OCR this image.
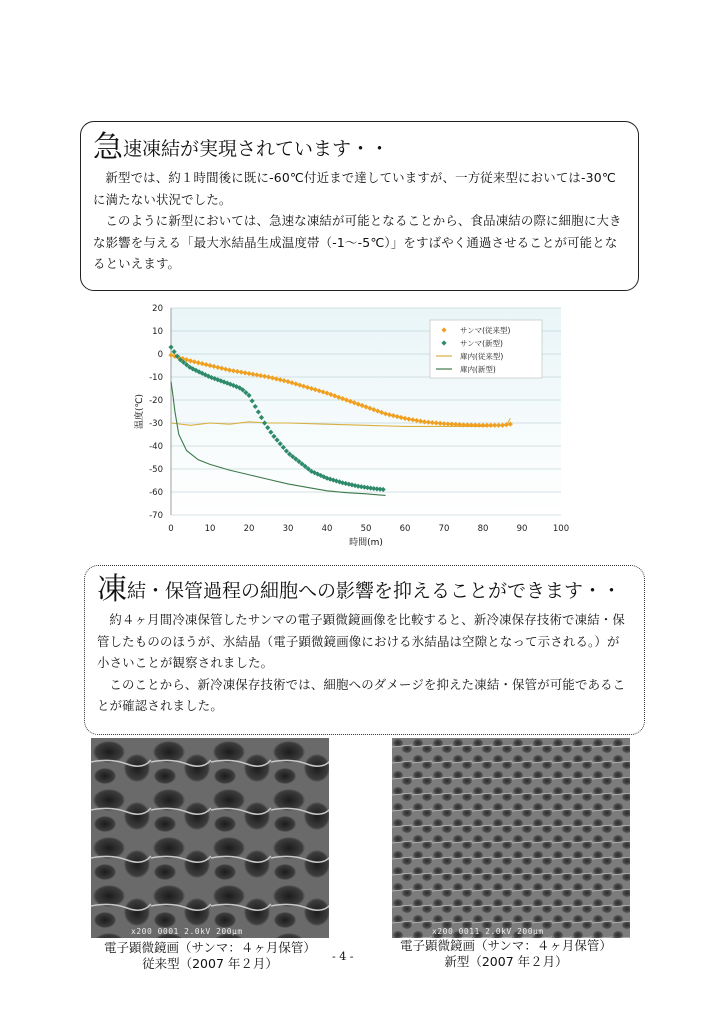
急速凍結が実現されています・・

新型では、約１時間後に既に-60℃付近まで達していますが、一方従来型においては-30℃に満たない状況でした。

このように新型においては、急速な凍結が可能となることから、食品凍結の際に細胞に大きな影響を与える「最大氷結晶生成温度帯（-1～-5℃）」をすばやく通過させることが可能となるといえます。

20
10
0
-10
-20
-30
-40
-50
-60
-70
0	10	20	30	40	50	60	70	80	90	100
時間(m)
温度(℃)
サンマ(従来型)
サンマ(新型)
庫内(従来型)
庫内(新型)
凍結・保管過程の細胞への影響を抑えることができます・・

約４ヶ月間冷凍保管したサンマの電子顕微鏡画像を比較すると、新冷凍保存技術で凍結・保管したもののほうが、氷結晶（電子顕微鏡画像における氷結晶は空隙となって示される。）が小さいことが観察されました。

このことから、新冷凍保存技術では、細胞へのダメージを抑えた凍結・保管が可能であることが確認されました。

x200 0001 2.0kV 200μm	x200 0011 2.0kV 200μm
電子顕微鏡画（サンマ：４ヶ月保管）
従来型（2007 年２月）
電子顕微鏡画（サンマ：４ヶ月保管）
新型（2007 年２月）
- 4 -
